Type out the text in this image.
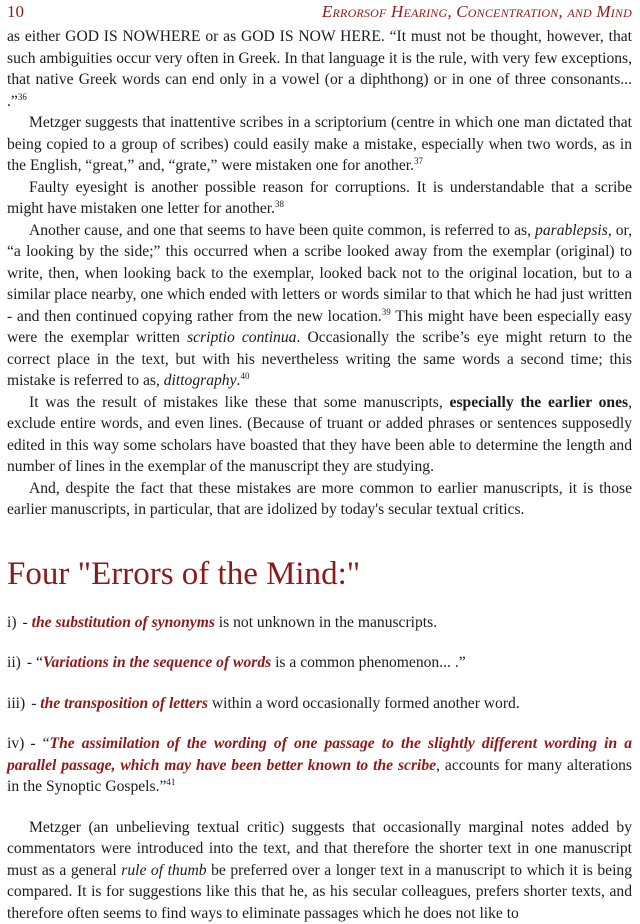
10	Errorsof Hearing, Concentration, and Mind

as either GOD IS NOWHERE or as GOD IS NOW HERE. “It must not be thought, however, that such ambiguities occur very often in Greek. In that language it is the rule, with very few exceptions, that native Greek words can end only in a vowel (or a diphthong) or in one of three consonants... .”$^{36}$

Metzger suggests that inattentive scribes in a scriptorium (centre in which one man dictated that being copied to a group of scribes) could easily make a mistake, especially when two words, as in the English, “great,” and, “grate,” were mistaken one for another.$^{37}$

Faulty eyesight is another possible reason for corruptions. It is understandable that a scribe might have mistaken one letter for another.$^{38}$

Another cause, and one that seems to have been quite common, is referred to as, parablepsis, or, “a looking by the side;” this occurred when a scribe looked away from the exemplar (original) to write, then, when looking back to the exemplar, looked back not to the original location, but to a similar place nearby, one which ended with letters or words similar to that which he had just written - and then continued copying rather from the new location.$^{39}$ This might have been especially easy were the exemplar written scriptio continua. Occasionally the scribe’s eye might return to the correct place in the text, but with his nevertheless writing the same words a second time; this mistake is referred to as, dittography.$^{40}$

It was the result of mistakes like these that some manuscripts, especially the earlier ones, exclude entire words, and even lines. (Because of truant or added phrases or sentences supposedly edited in this way some scholars have boasted that they have been able to determine the length and number of lines in the exemplar of the manuscript they are studying.

And, despite the fact that these mistakes are more common to earlier manuscripts, it is those earlier manuscripts, in particular, that are idolized by today's secular textual critics.

Four "Errors of the Mind:"
i) - the substitution of synonyms is not unknown in the manuscripts.
ii) - “Variations in the sequence of words is a common phenomenon... .”
iii) - the transposition of letters within a word occasionally formed another word.
iv) - “The assimilation of the wording of one passage to the slightly different wording in a parallel passage, which may have been better known to the scribe, accounts for many alterations in the Synoptic Gospels.”$^{41}$

Metzger (an unbelieving textual critic) suggests that occasionally marginal notes added by commentators were introduced into the text, and that therefore the shorter text in one manuscript must as a general rule of thumb be preferred over a longer text in a manuscript to which it is being compared. It is for suggestions like this that he, as his secular colleagues, prefers shorter texts, and therefore often seems to find ways to eliminate passages which he does not like to
